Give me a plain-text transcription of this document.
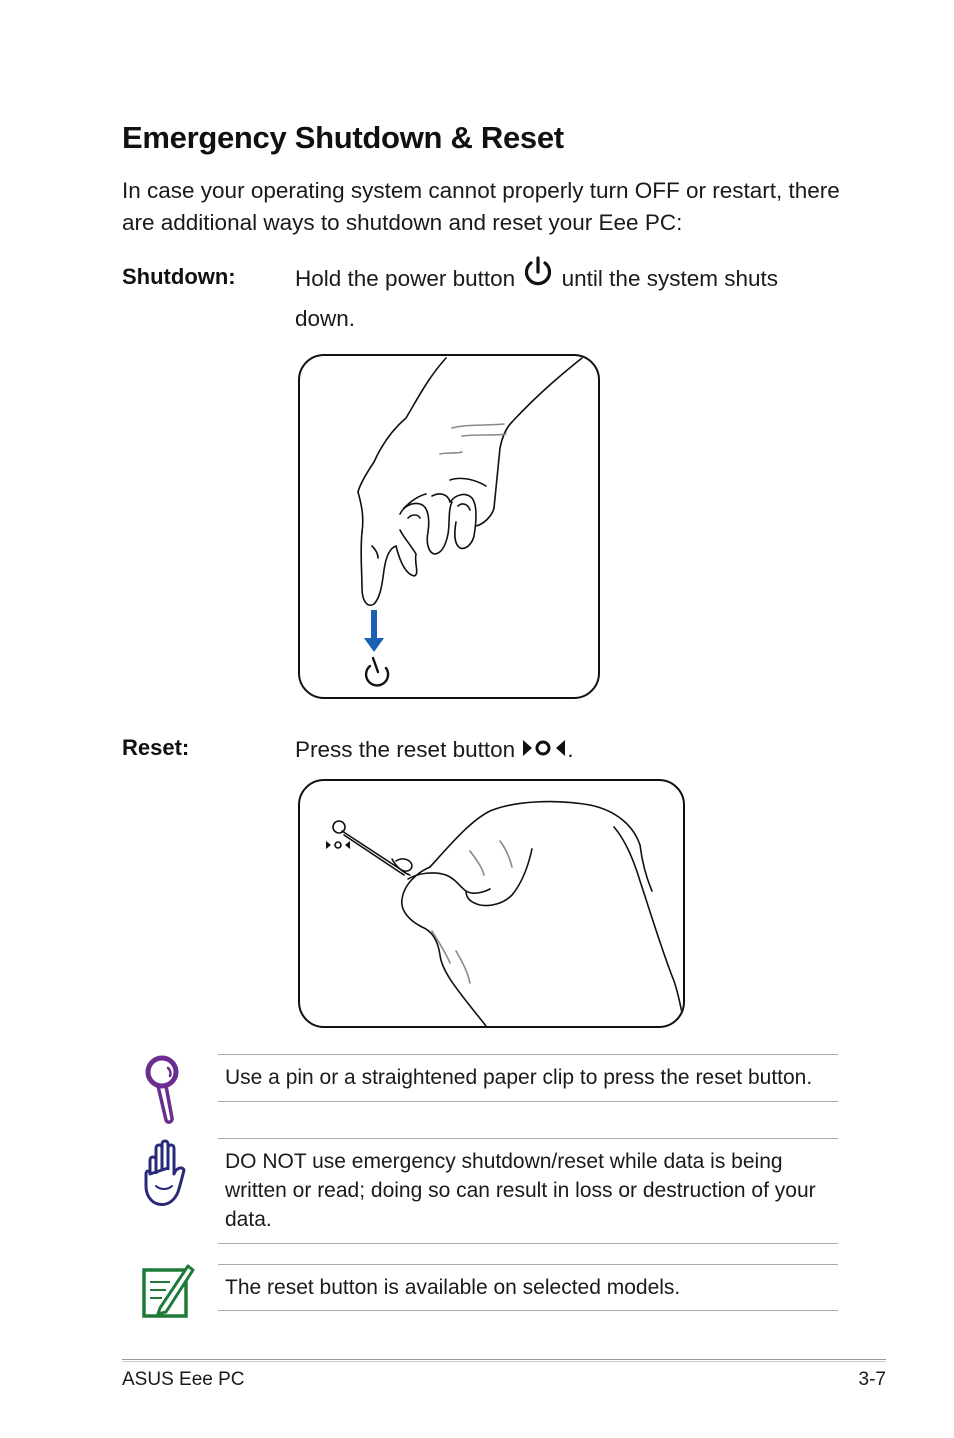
Emergency Shutdown & Reset

In case your operating system cannot properly turn OFF or restart, there are additional ways to shutdown and reset your Eee PC:

Shutdown:	Hold the power button  until the system shuts down.
Reset:	Press the reset button .
Use a pin or a straightened paper clip to press the reset button.
DO NOT use emergency shutdown/reset while data is being written or read; doing so can result in loss or destruction of your data.
The reset button is available on selected models.
ASUS Eee PC	3-7
